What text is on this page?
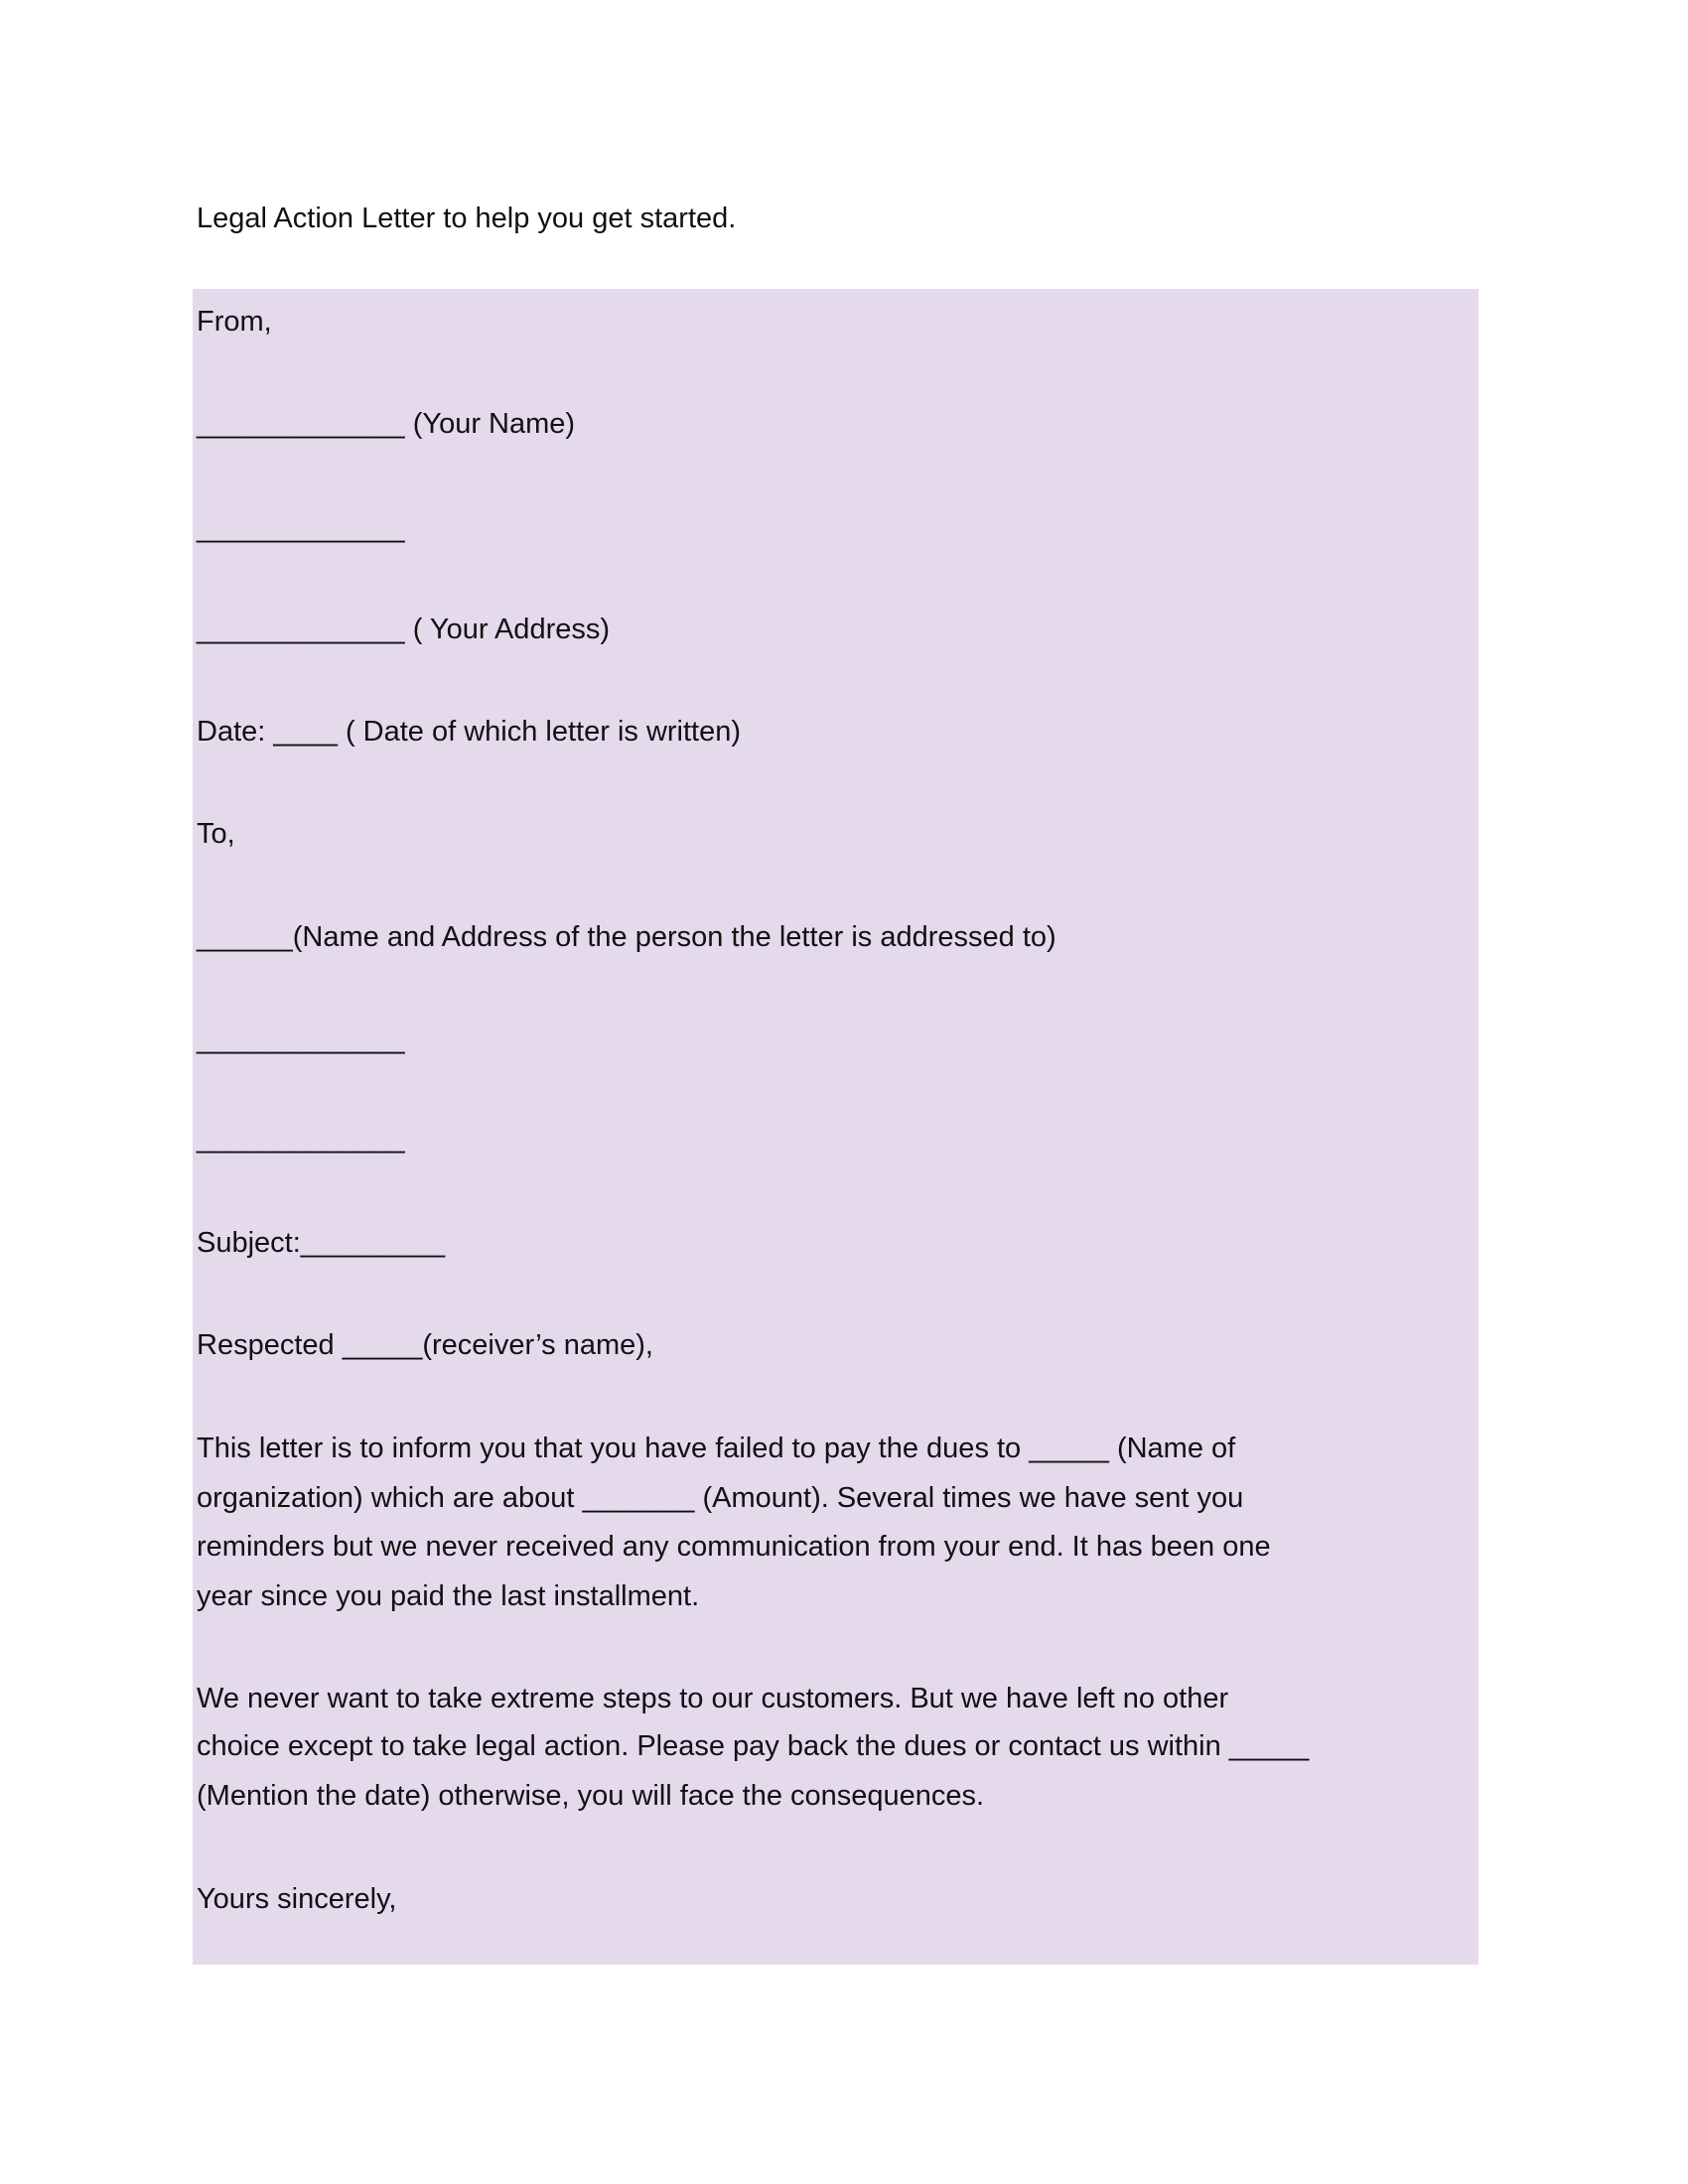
Legal Action Letter to help you get started.
From,
_____________ (Your Name)
_____________
_____________ ( Your Address)
Date: ____ ( Date of which letter is written)
To,
______(Name and Address of the person the letter is addressed to)
_____________
_____________
Subject:_________
Respected _____(receiver’s name),
This letter is to inform you that you have failed to pay the dues to _____ (Name of
organization) which are about _______ (Amount). Several times we have sent you
reminders but we never received any communication from your end. It has been one
year since you paid the last installment.
We never want to take extreme steps to our customers. But we have left no other
choice except to take legal action. Please pay back the dues or contact us within _____
(Mention the date) otherwise, you will face the consequences.
Yours sincerely,
